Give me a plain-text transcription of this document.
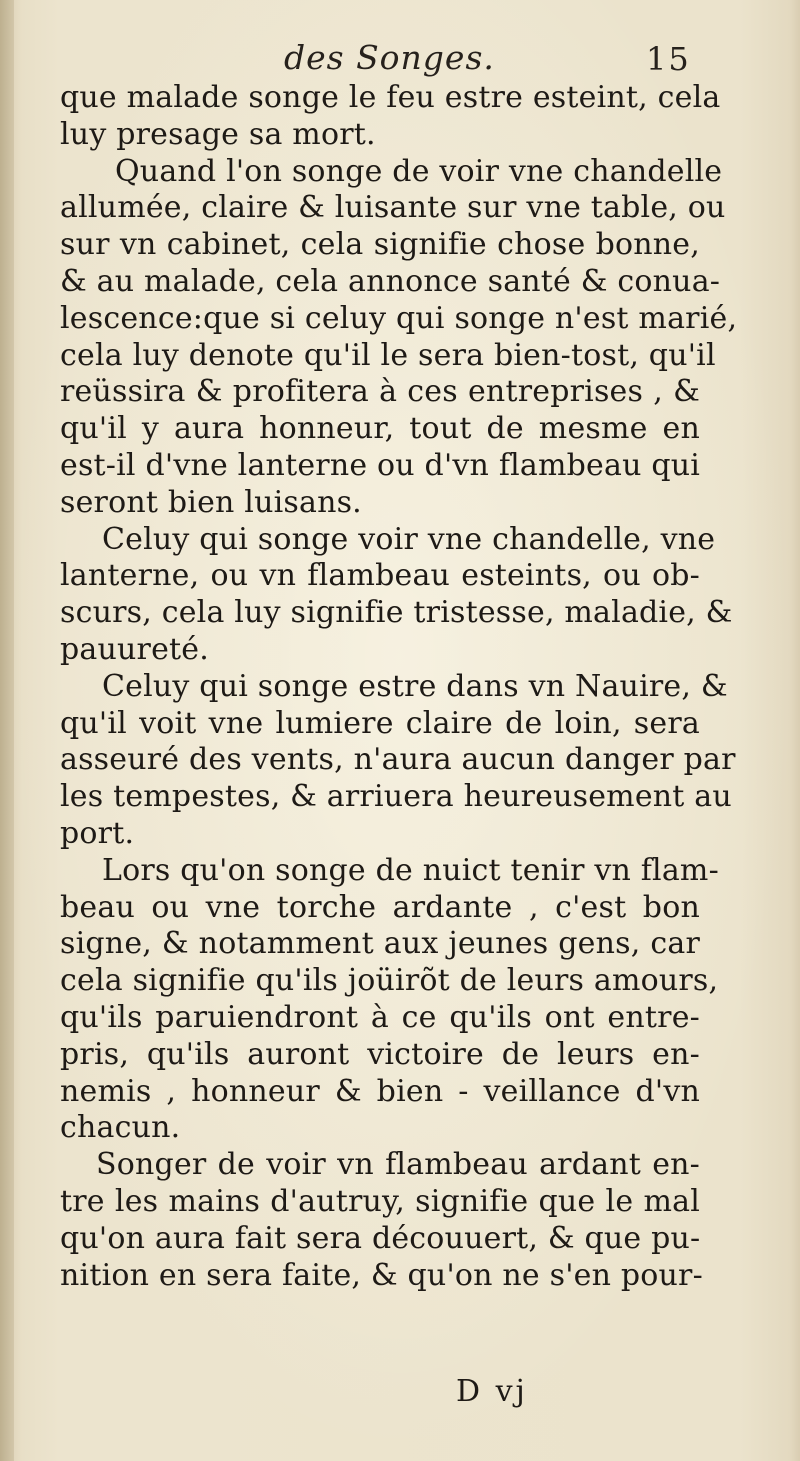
des Songes.	15
que malade songe le feu estre esteint, cela
luy presage sa mort.
Quand l'on songe de voir vne chandelle
allumée, claire & luisante sur vne table, ou
sur vn cabinet, cela signifie chose bonne,
& au malade, cela annonce santé & conua-
lescence:que si celuy qui songe n'est marié,
cela luy denote qu'il le sera bien-tost, qu'il
reüssira & profitera à ces entreprises , &
qu'il y aura honneur, tout de mesme en
est-il d'vne lanterne ou d'vn flambeau qui
seront bien luisans.
Celuy qui songe voir vne chandelle, vne
lanterne, ou vn flambeau esteints, ou ob-
scurs, cela luy signifie tristesse, maladie, &
pauureté.
Celuy qui songe estre dans vn Nauire, &
qu'il voit vne lumiere claire de loin, sera
asseuré des vents, n'aura aucun danger par
les tempestes, & arriuera heureusement au
port.
Lors qu'on songe de nuict tenir vn flam-
beau ou vne torche ardante , c'est bon
signe, & notamment aux jeunes gens, car
cela signifie qu'ils joüirõt de leurs amours,
qu'ils paruiendront à ce qu'ils ont entre-
pris, qu'ils auront victoire de leurs en-
nemis , honneur & bien - veillance d'vn
chacun.
Songer de voir vn flambeau ardant en-
tre les mains d'autruy, signifie que le mal
qu'on aura fait sera découuert, & que pu-
nition en sera faite, & qu'on ne s'en pour-
D vj
